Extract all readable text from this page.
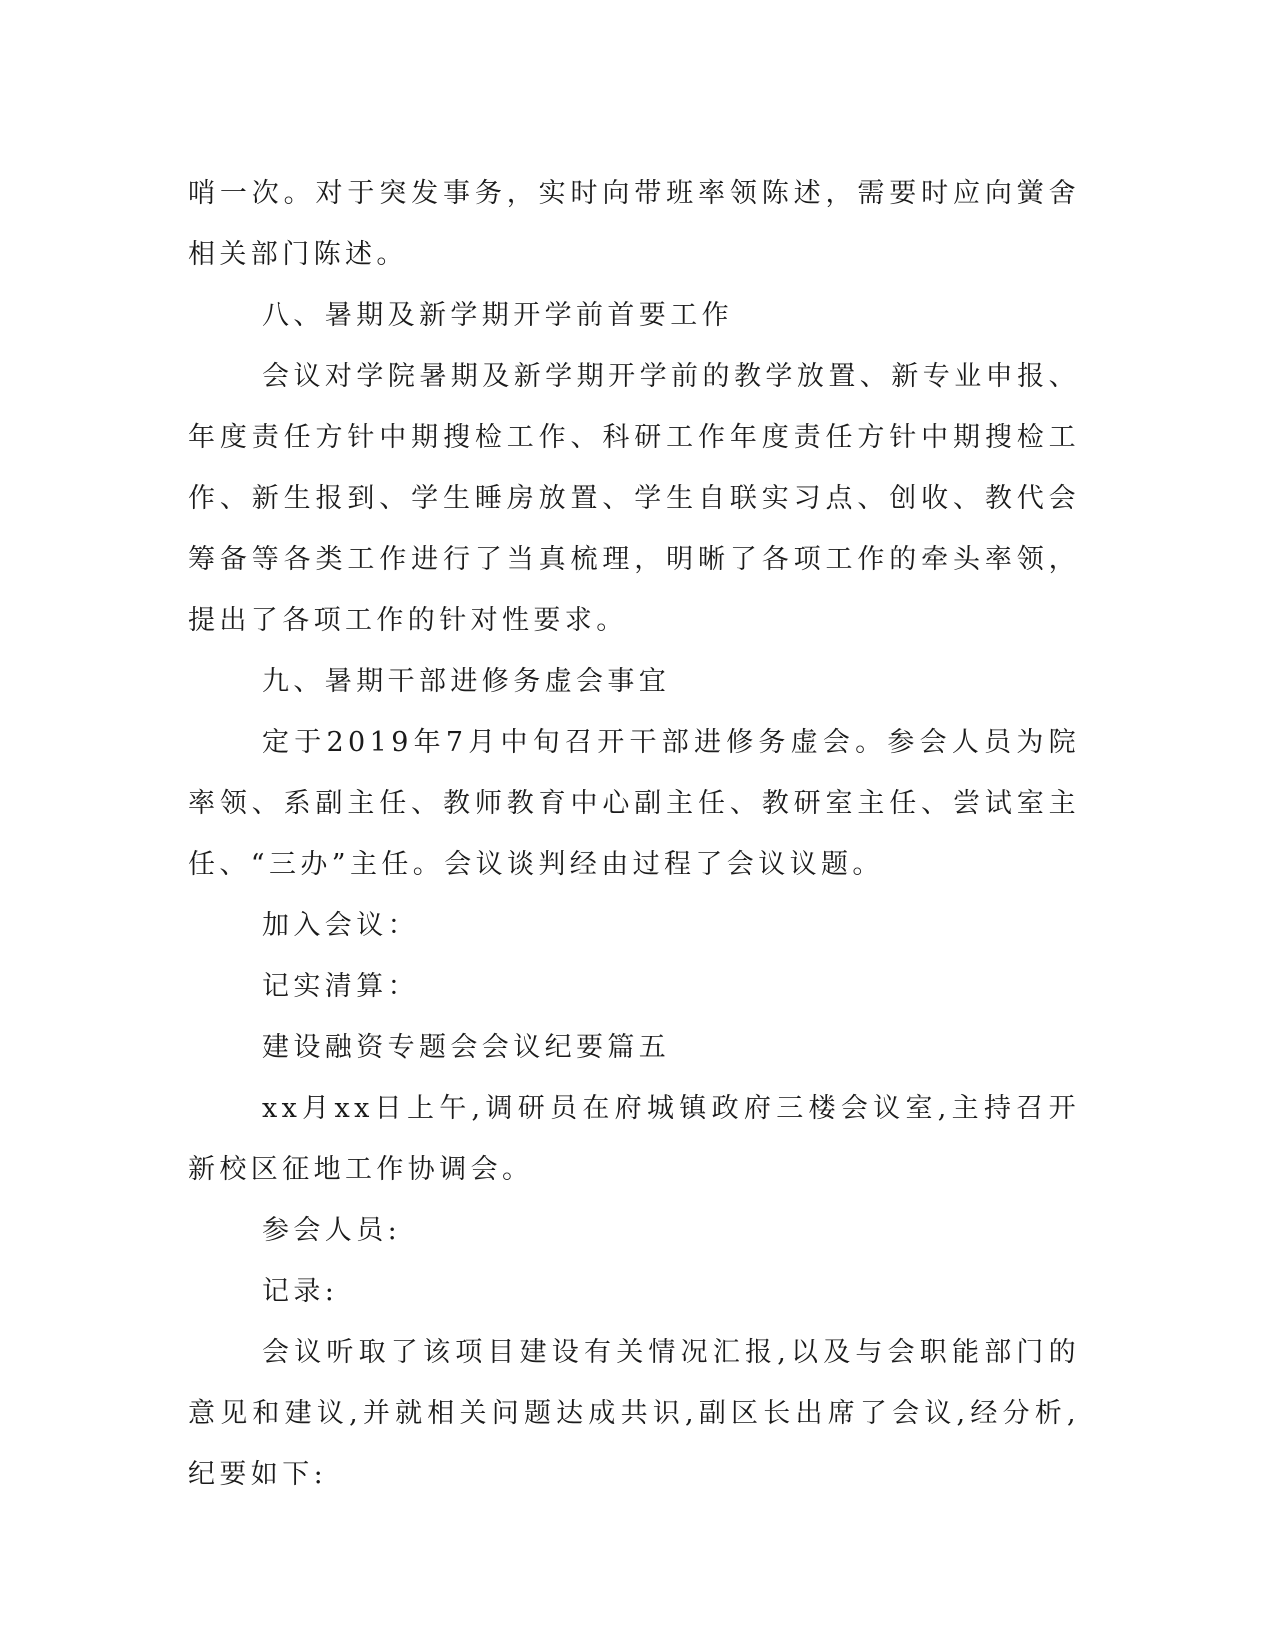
哨一次。对于突发事务，实时向带班率领陈述，需要时应向黉舍相关部门陈述。

八、暑期及新学期开学前首要工作

会议对学院暑期及新学期开学前的教学放置、新专业申报、年度责任方针中期搜检工作、科研工作年度责任方针中期搜检工作、新生报到、学生睡房放置、学生自联实习点、创收、教代会筹备等各类工作进行了当真梳理，明晰了各项工作的牵头率领，提出了各项工作的针对性要求。

九、暑期干部进修务虚会事宜

定于2019年7月中旬召开干部进修务虚会。参会人员为院率领、系副主任、教师教育中心副主任、教研室主任、尝试室主任、“三办”主任。会议谈判经由过程了会议议题。

加入会议：

记实清算：

建设融资专题会会议纪要篇五

xx月xx日上午,调研员在府城镇政府三楼会议室,主持召开新校区征地工作协调会。

参会人员:

记录:

会议听取了该项目建设有关情况汇报,以及与会职能部门的意见和建议,并就相关问题达成共识,副区长出席了会议,经分析,纪要如下:
